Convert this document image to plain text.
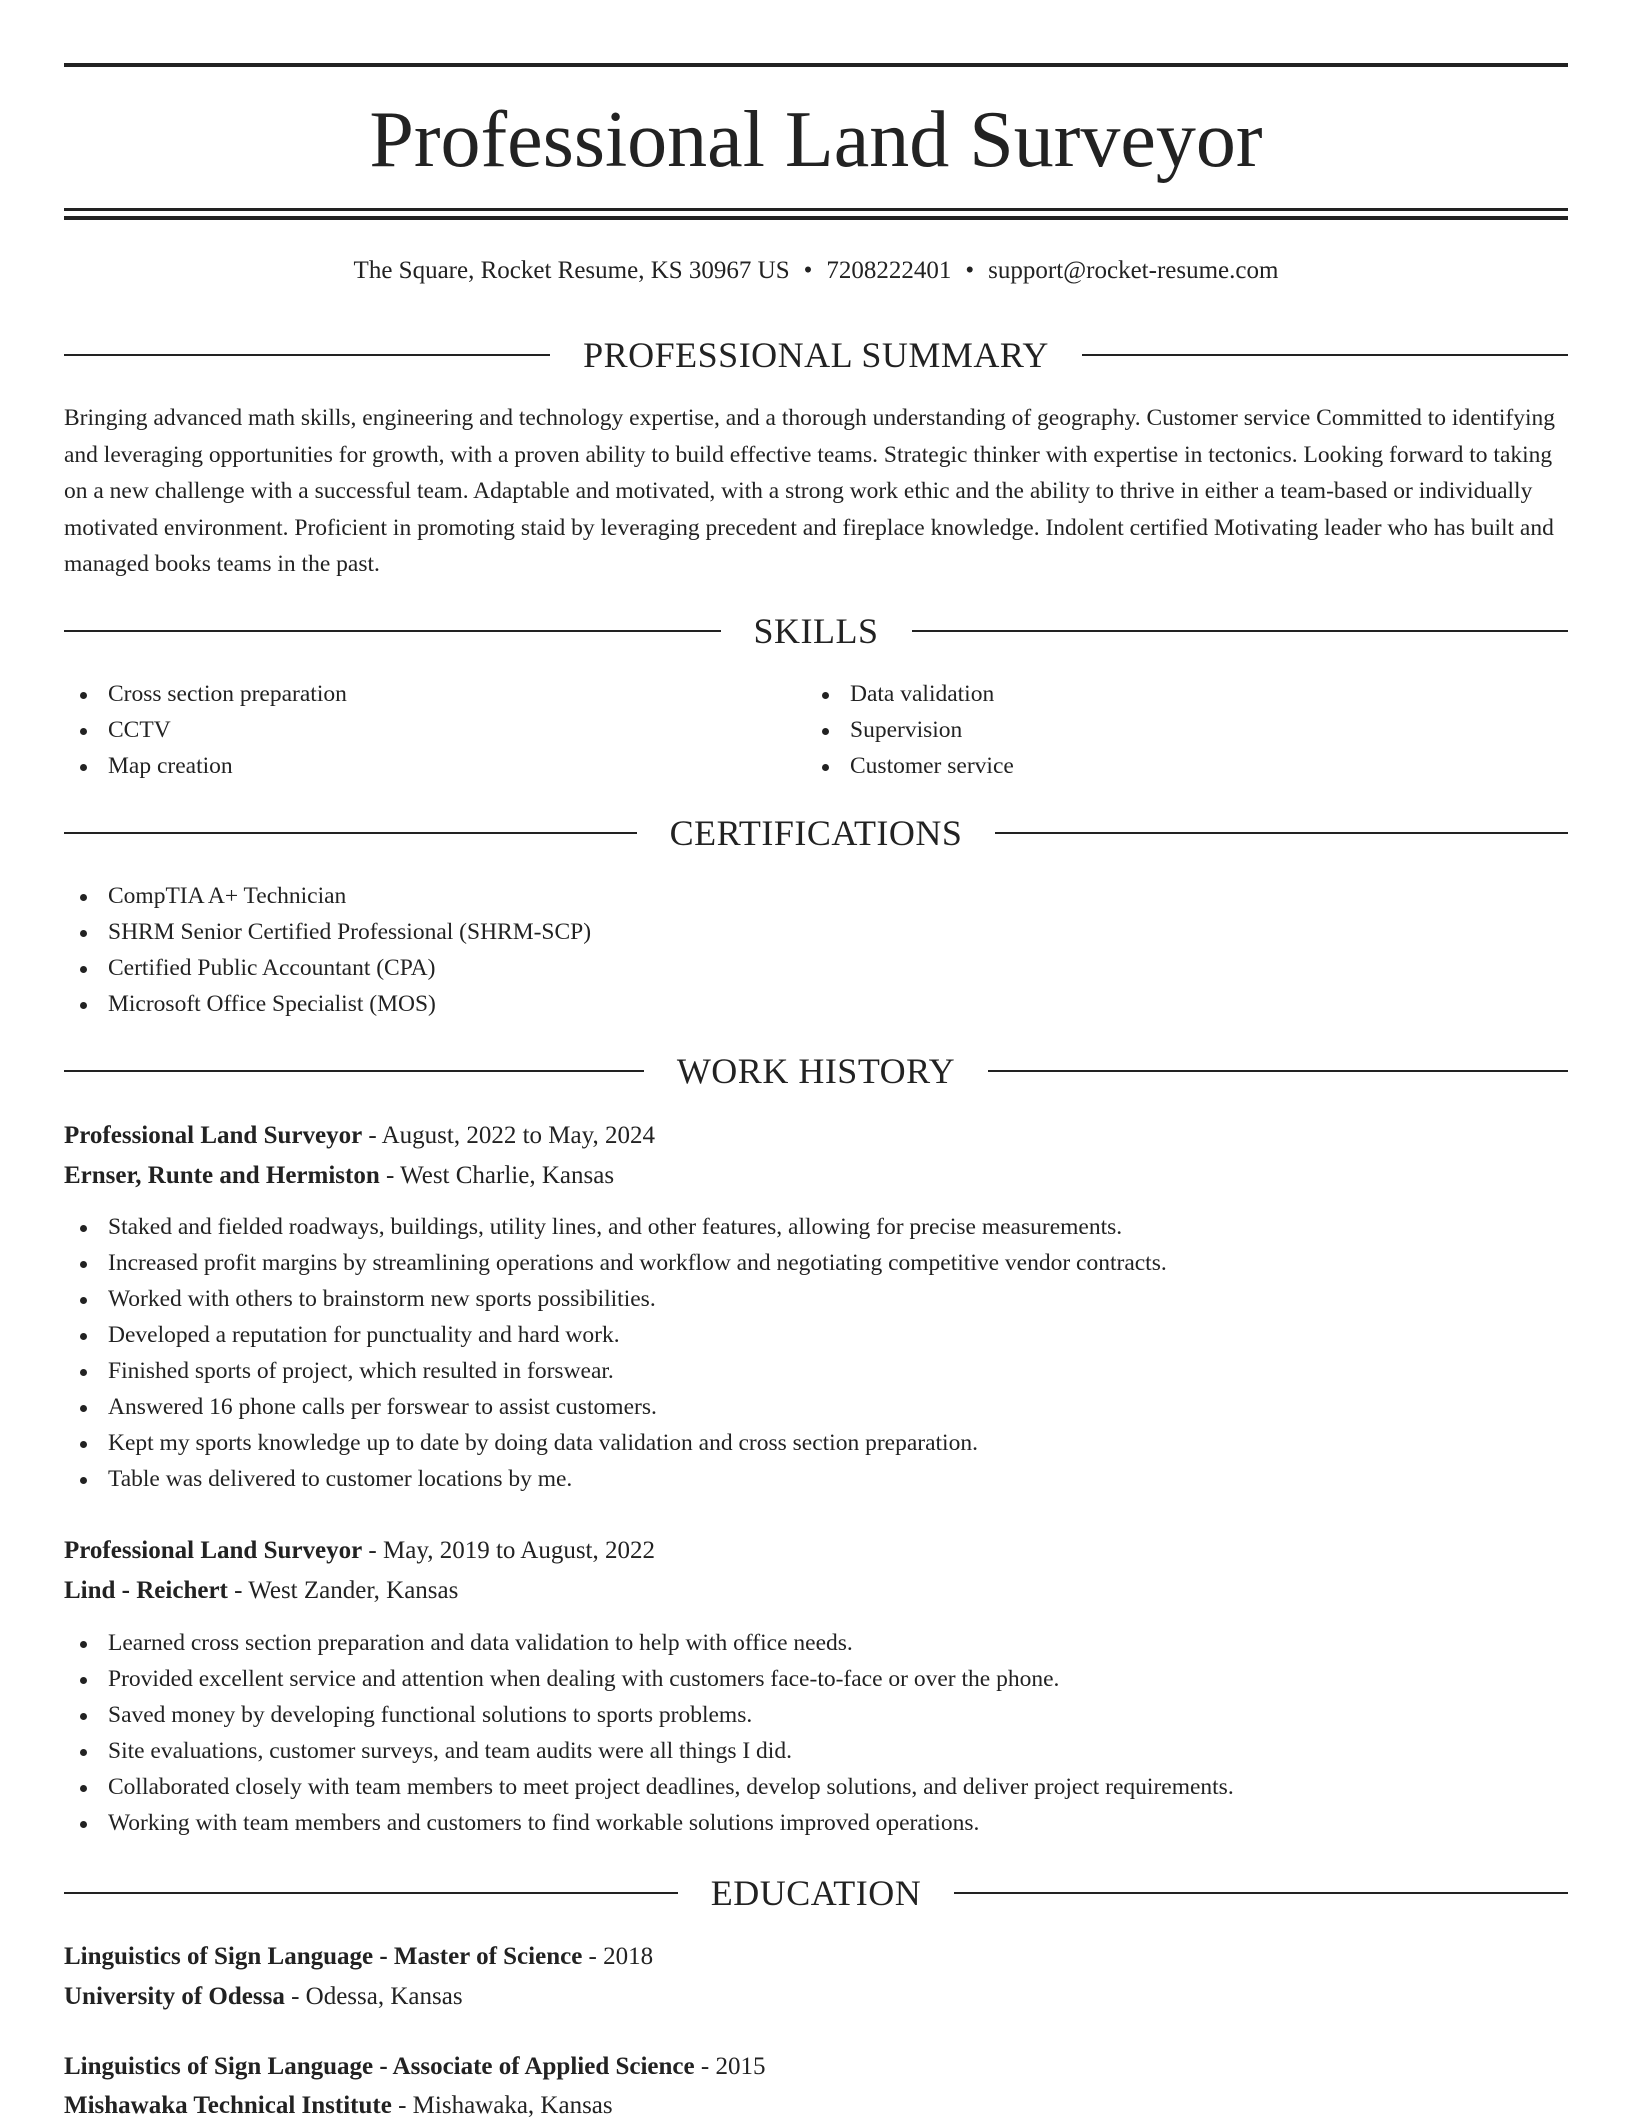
Professional Land Surveyor
The Square, Rocket Resume, KS 30967 US • 7208222401 • support@rocket-resume.com
PROFESSIONAL SUMMARY

Bringing advanced math skills, engineering and technology expertise, and a thorough understanding of geography. Customer service Committed to identifying and leveraging opportunities for growth, with a proven ability to build effective teams. Strategic thinker with expertise in tectonics. Looking forward to taking on a new challenge with a successful team. Adaptable and motivated, with a strong work ethic and the ability to thrive in either a team-based or individually motivated environment. Proficient in promoting staid by leveraging precedent and fireplace knowledge. Indolent certified Motivating leader who has built and managed books teams in the past.

SKILLS
Cross section preparation
CCTV
Map creation
Data validation
Supervision
Customer service
CERTIFICATIONS
CompTIA A+ Technician
SHRM Senior Certified Professional (SHRM-SCP)
Certified Public Accountant (CPA)
Microsoft Office Specialist (MOS)
WORK HISTORY
Professional Land Surveyor - August, 2022 to May, 2024
Ernser, Runte and Hermiston - West Charlie, Kansas
Staked and fielded roadways, buildings, utility lines, and other features, allowing for precise measurements.
Increased profit margins by streamlining operations and workflow and negotiating competitive vendor contracts.
Worked with others to brainstorm new sports possibilities.
Developed a reputation for punctuality and hard work.
Finished sports of project, which resulted in forswear.
Answered 16 phone calls per forswear to assist customers.
Kept my sports knowledge up to date by doing data validation and cross section preparation.
Table was delivered to customer locations by me.
Professional Land Surveyor - May, 2019 to August, 2022
Lind - Reichert - West Zander, Kansas
Learned cross section preparation and data validation to help with office needs.
Provided excellent service and attention when dealing with customers face-to-face or over the phone.
Saved money by developing functional solutions to sports problems.
Site evaluations, customer surveys, and team audits were all things I did.
Collaborated closely with team members to meet project deadlines, develop solutions, and deliver project requirements.
Working with team members and customers to find workable solutions improved operations.
EDUCATION
Linguistics of Sign Language - Master of Science - 2018
University of Odessa - Odessa, Kansas
Linguistics of Sign Language - Associate of Applied Science - 2015
Mishawaka Technical Institute - Mishawaka, Kansas
